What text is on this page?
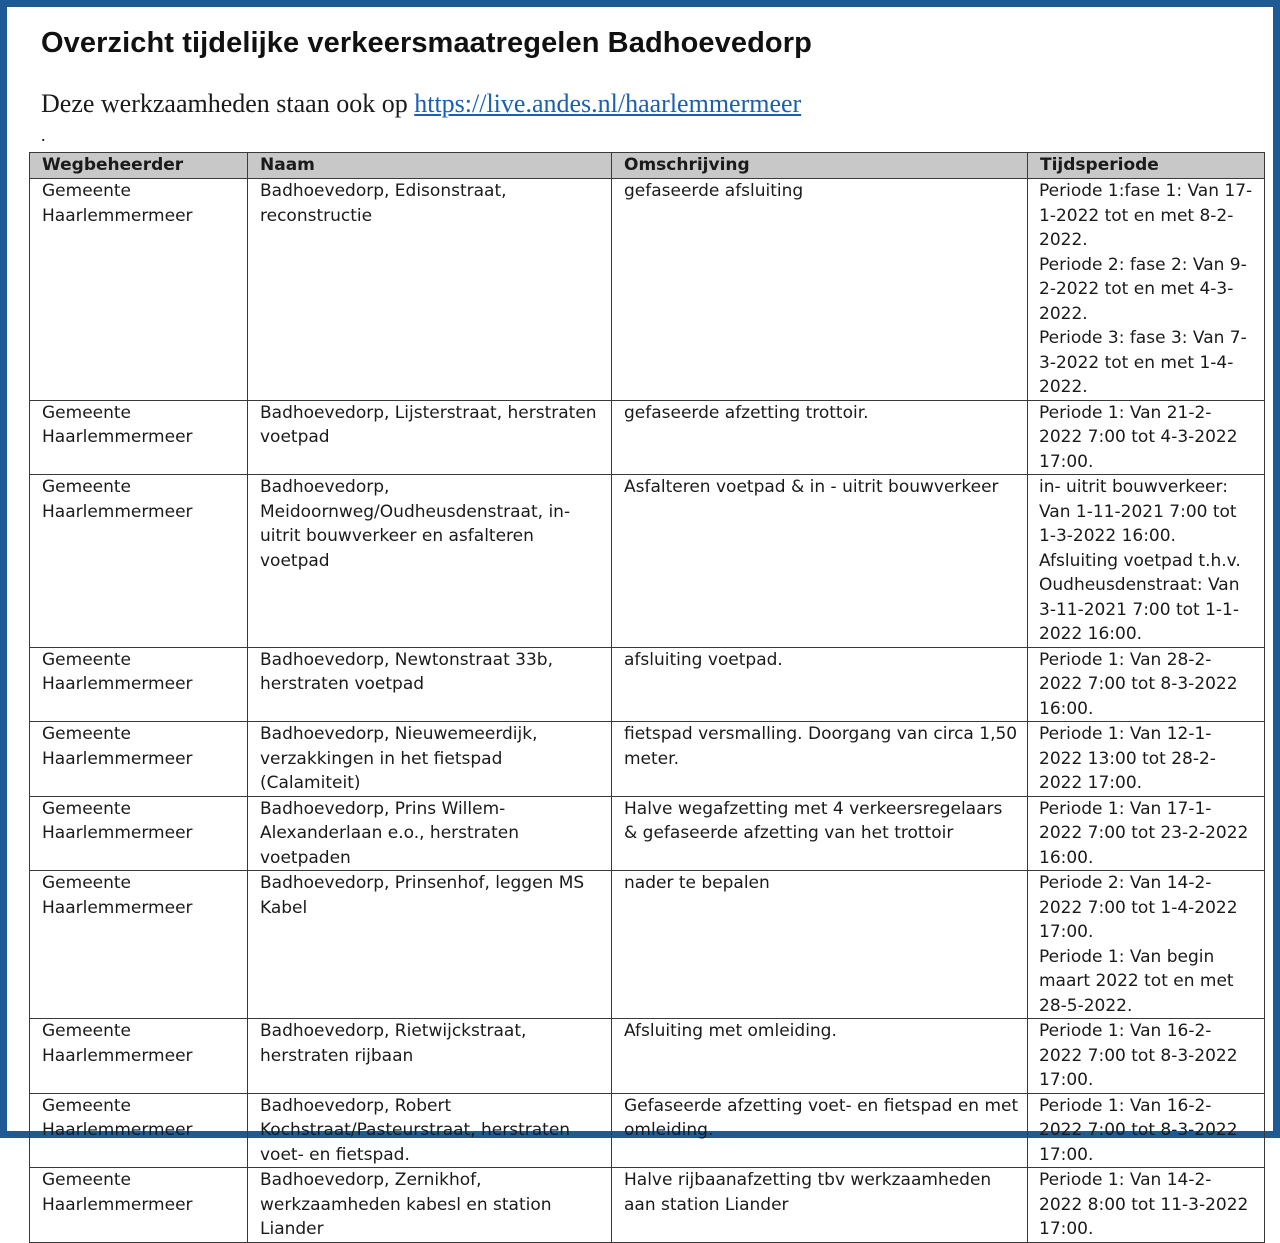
Overzicht tijdelijke verkeersmaatregelen Badhoevedorp
Deze werkzaamheden staan ook op https://live.andes.nl/haarlemmermeer
.
Wegbeheerder	Naam	Omschrijving	Tijdsperiode
Gemeente Haarlemmermeer	Badhoevedorp, Edisonstraat, reconstructie	gefaseerde afsluiting	Periode 1:fase 1: Van 17-1-2022 tot en met 8-2-2022.
Periode 2: fase 2: Van 9-2-2022 tot en met 4-3-2022.
Periode 3: fase 3: Van 7-3-2022 tot en met 1-4-2022.

Gemeente Haarlemmermeer	Badhoevedorp, Lijsterstraat, herstraten voetpad	gefaseerde afzetting trottoir.	Periode 1: Van 21-2-2022 7:00 tot 4-3-2022 17:00.

Gemeente Haarlemmermeer	Badhoevedorp, Meidoornweg/Oudheusdenstraat, in-uitrit bouwverkeer en asfalteren voetpad	Asfalteren voetpad & in - uitrit bouwverkeer	in- uitrit bouwverkeer: Van 1-11-2021 7:00 tot 1-3-2022 16:00.
Afsluiting voetpad t.h.v. Oudheusdenstraat: Van 3-11-2021 7:00 tot 1-1-2022 16:00.

Gemeente Haarlemmermeer	Badhoevedorp, Newtonstraat 33b, herstraten voetpad	afsluiting voetpad.	Periode 1: Van 28-2-2022 7:00 tot 8-3-2022 16:00.

Gemeente Haarlemmermeer	Badhoevedorp, Nieuwemeerdijk, verzakkingen in het fietspad (Calamiteit)	fietspad versmalling. Doorgang van circa 1,50 meter.	Periode 1: Van 12-1-2022 13:00 tot 28-2-2022 17:00.

Gemeente Haarlemmermeer	Badhoevedorp, Prins Willem-Alexanderlaan e.o., herstraten voetpaden	Halve wegafzetting met 4 verkeersregelaars & gefaseerde afzetting van het trottoir	Periode 1: Van 17-1-2022 7:00 tot 23-2-2022 16:00.

Gemeente Haarlemmermeer	Badhoevedorp, Prinsenhof, leggen MS Kabel	nader te bepalen	Periode 2: Van 14-2-2022 7:00 tot 1-4-2022 17:00.
Periode 1: Van begin maart 2022 tot en met 28-5-2022.

Gemeente Haarlemmermeer	Badhoevedorp, Rietwijckstraat, herstraten rijbaan	Afsluiting met omleiding.	Periode 1: Van 16-2-2022 7:00 tot 8-3-2022 17:00.

Gemeente Haarlemmermeer	Badhoevedorp, Robert Kochstraat/Pasteurstraat, herstraten voet- en fietspad.	Gefaseerde afzetting voet- en fietspad en met omleiding.	Periode 1: Van 16-2-2022 7:00 tot 8-3-2022 17:00.

Gemeente Haarlemmermeer	Badhoevedorp, Zernikhof, werkzaamheden kabesl en station Liander	Halve rijbaanafzetting tbv werkzaamheden aan station Liander	Periode 1: Van 14-2-2022 8:00 tot 11-3-2022 17:00.
